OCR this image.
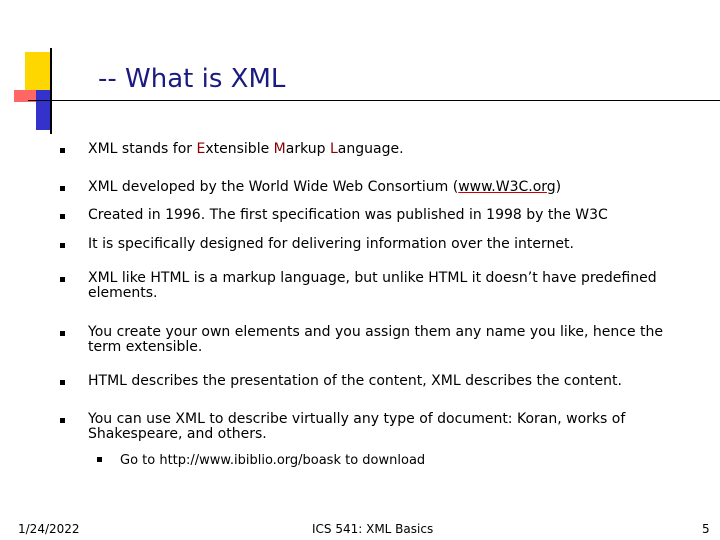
-- What is XML
XML stands for Extensible Markup Language.
XML developed by the World Wide Web Consortium (www.W3C.org)
Created in 1996. The first specification was published in 1998 by the W3C
It is specifically designed for delivering information over the internet.
XML like HTML is a markup language, but unlike HTML it doesn’t have predefined elements.
You create your own elements and you assign them any name you like, hence the term extensible.
HTML describes the presentation of the content, XML describes the content.
You can use XML to describe virtually any type of document: Koran, works of Shakespeare, and others.
Go to http://www.ibiblio.org/boask to download
1/24/2022	ICS 541: XML Basics	5
